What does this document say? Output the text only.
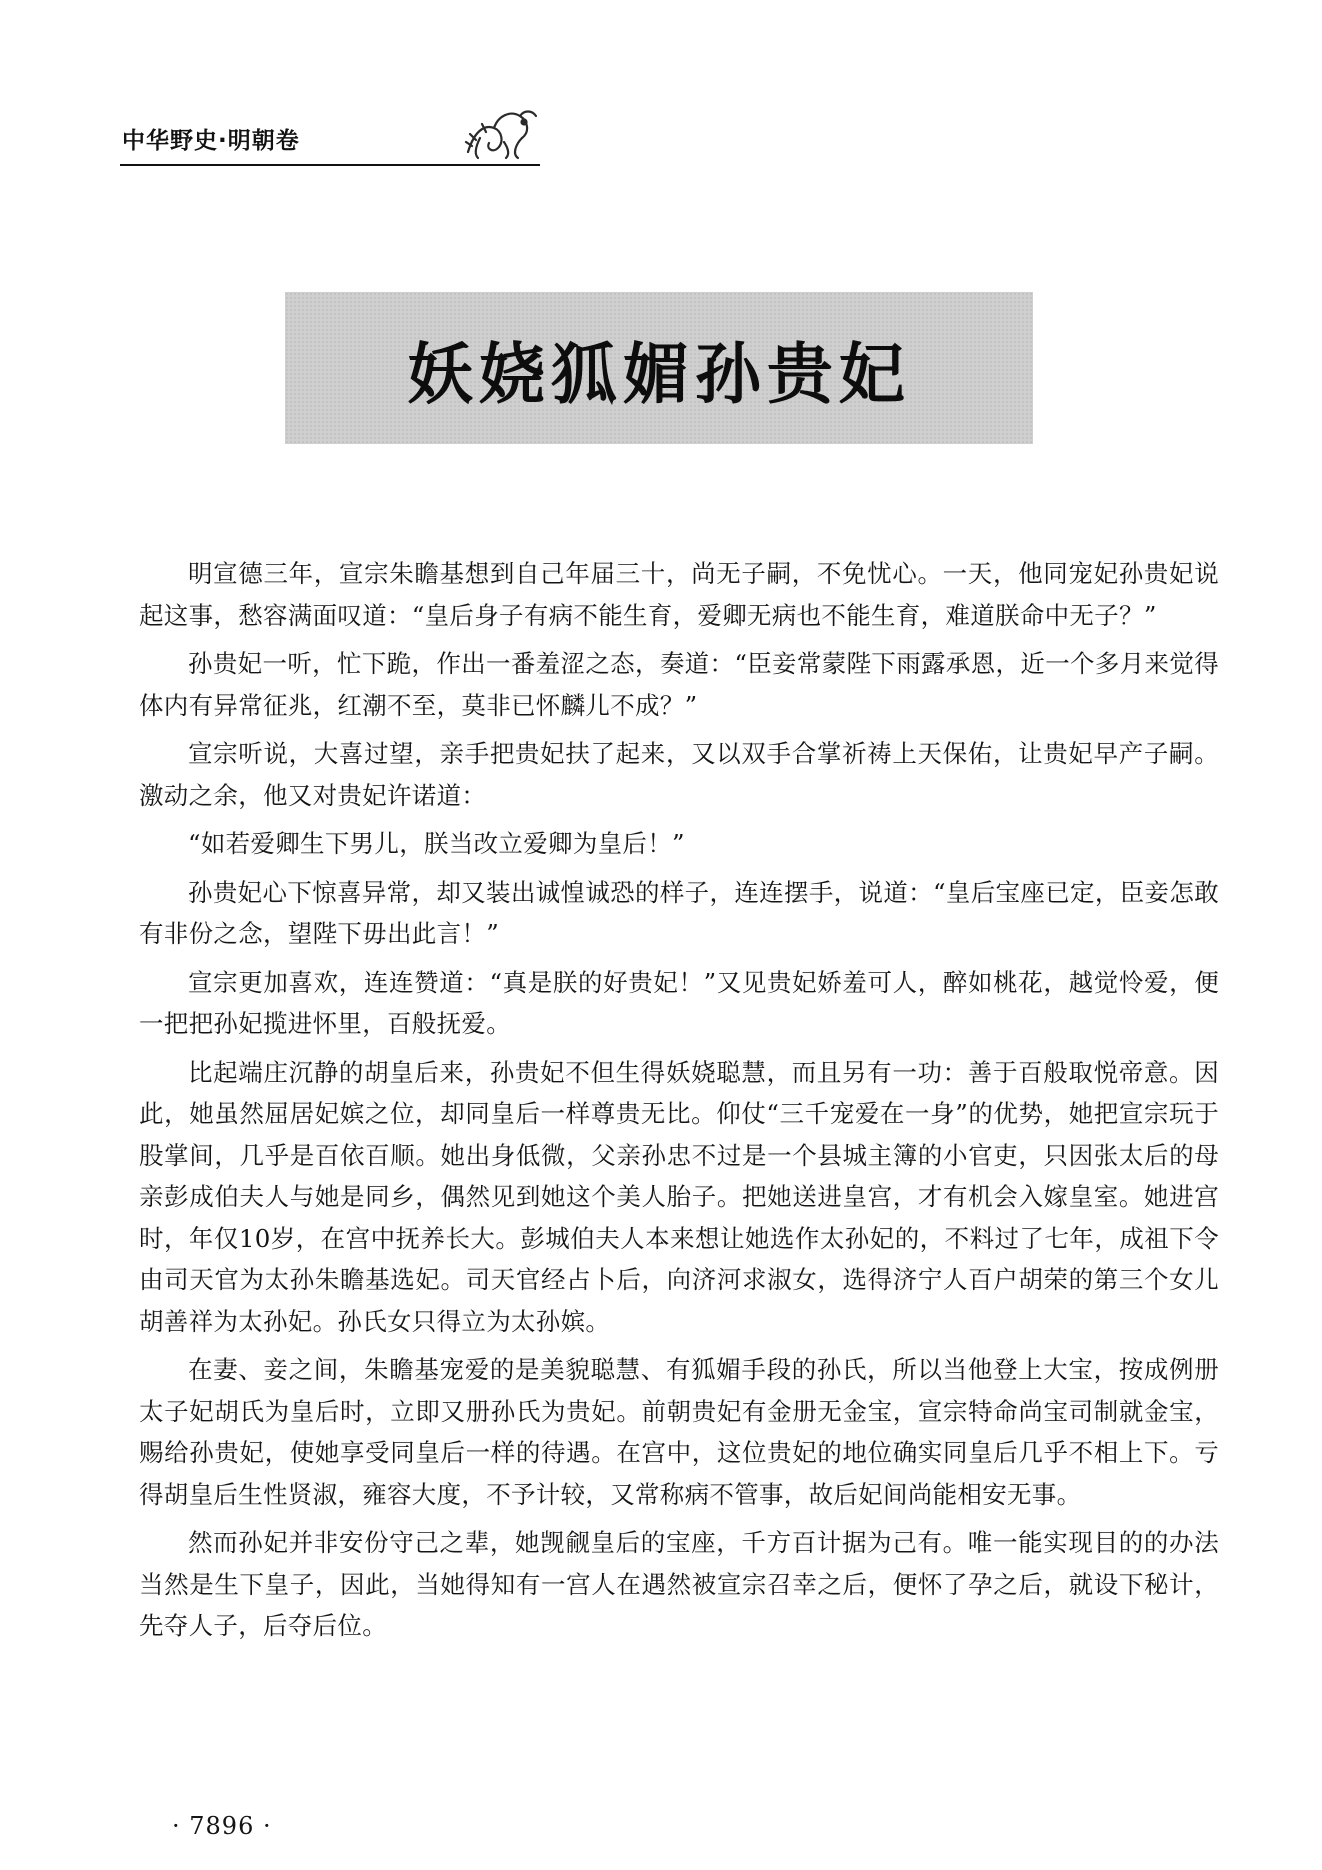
中华野史·明朝卷
妖娆狐媚孙贵妃

明宣德三年，宣宗朱瞻基想到自己年届三十，尚无子嗣，不免忧心。一天，他同宠妃孙贵妃说起这事，愁容满面叹道：“皇后身子有病不能生育，爱卿无病也不能生育，难道朕命中无子？”

孙贵妃一听，忙下跪，作出一番羞涩之态，奏道：“臣妾常蒙陛下雨露承恩，近一个多月来觉得体内有异常征兆，红潮不至，莫非已怀麟儿不成？”

宣宗听说，大喜过望，亲手把贵妃扶了起来，又以双手合掌祈祷上天保佑，让贵妃早产子嗣。激动之余，他又对贵妃许诺道：

“如若爱卿生下男儿，朕当改立爱卿为皇后！”

孙贵妃心下惊喜异常，却又装出诚惶诚恐的样子，连连摆手，说道：“皇后宝座已定，臣妾怎敢有非份之念，望陛下毋出此言！”

宣宗更加喜欢，连连赞道：“真是朕的好贵妃！”又见贵妃娇羞可人，醉如桃花，越觉怜爱，便一把把孙妃揽进怀里，百般抚爱。

比起端庄沉静的胡皇后来，孙贵妃不但生得妖娆聪慧，而且另有一功：善于百般取悦帝意。因此，她虽然屈居妃嫔之位，却同皇后一样尊贵无比。仰仗“三千宠爱在一身”的优势，她把宣宗玩于股掌间，几乎是百依百顺。她出身低微，父亲孙忠不过是一个县城主簿的小官吏，只因张太后的母亲彭成伯夫人与她是同乡，偶然见到她这个美人胎子。把她送进皇宫，才有机会入嫁皇室。她进宫时，年仅10岁，在宫中抚养长大。彭城伯夫人本来想让她选作太孙妃的，不料过了七年，成祖下令由司天官为太孙朱瞻基选妃。司天官经占卜后，向济河求淑女，选得济宁人百户胡荣的第三个女儿胡善祥为太孙妃。孙氏女只得立为太孙嫔。

在妻、妾之间，朱瞻基宠爱的是美貌聪慧、有狐媚手段的孙氏，所以当他登上大宝，按成例册太子妃胡氏为皇后时，立即又册孙氏为贵妃。前朝贵妃有金册无金宝，宣宗特命尚宝司制就金宝，赐给孙贵妃，使她享受同皇后一样的待遇。在宫中，这位贵妃的地位确实同皇后几乎不相上下。亏得胡皇后生性贤淑，雍容大度，不予计较，又常称病不管事，故后妃间尚能相安无事。

然而孙妃并非安份守己之辈，她觊觎皇后的宝座，千方百计据为己有。唯一能实现目的的办法当然是生下皇子，因此，当她得知有一宫人在遇然被宣宗召幸之后，便怀了孕之后，就设下秘计，先夺人子，后夺后位。

· 7896 ·
